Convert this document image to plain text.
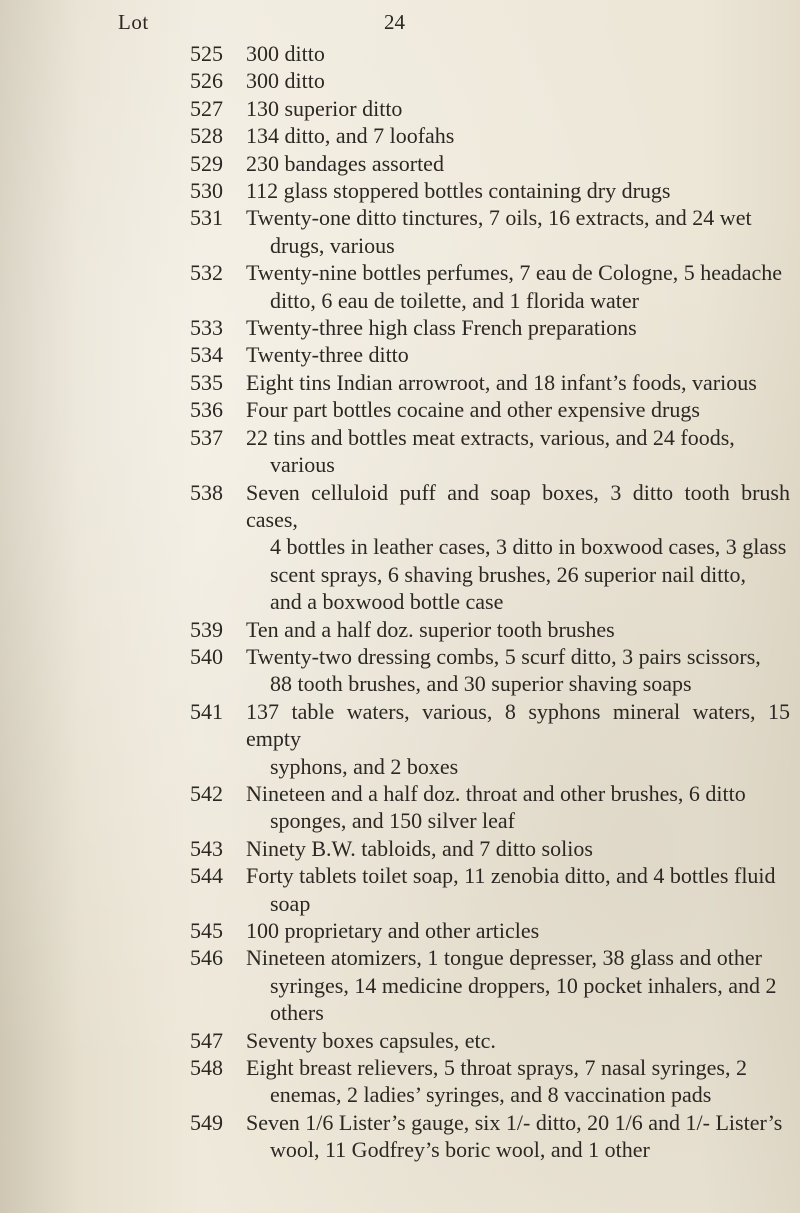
Lot	24
525 300 ditto
526 300 ditto
527 130 superior ditto
528 134 ditto, and 7 loofahs
529 230 bandages assorted
530 112 glass stoppered bottles containing dry drugs
531 Twenty-one ditto tinctures, 7 oils, 16 extracts, and 24 wet
drugs, various
532 Twenty-nine bottles perfumes, 7 eau de Cologne, 5 headache
ditto, 6 eau de toilette, and 1 florida water
533 Twenty-three high class French preparations
534 Twenty-three ditto
535 Eight tins Indian arrowroot, and 18 infant’s foods, various
536 Four part bottles cocaine and other expensive drugs
537 22 tins and bottles meat extracts, various, and 24 foods,
various
538 Seven celluloid puff and soap boxes, 3 ditto tooth brush cases,
4 bottles in leather cases, 3 ditto in boxwood cases, 3 glass
scent sprays, 6 shaving brushes, 26 superior nail ditto,
and a boxwood bottle case
539 Ten and a half doz. superior tooth brushes
540 Twenty-two dressing combs, 5 scurf ditto, 3 pairs scissors,
88 tooth brushes, and 30 superior shaving soaps
541 137 table waters, various, 8 syphons mineral waters, 15 empty
syphons, and 2 boxes
542 Nineteen and a half doz. throat and other brushes, 6 ditto
sponges, and 150 silver leaf
543 Ninety B.W. tabloids, and 7 ditto solios
544 Forty tablets toilet soap, 11 zenobia ditto, and 4 bottles fluid
soap
545 100 proprietary and other articles
546 Nineteen atomizers, 1 tongue depresser, 38 glass and other
syringes, 14 medicine droppers, 10 pocket inhalers, and 2
others
547 Seventy boxes capsules, etc.
548 Eight breast relievers, 5 throat sprays, 7 nasal syringes, 2
enemas, 2 ladies’ syringes, and 8 vaccination pads
549 Seven 1/6 Lister’s gauge, six 1/- ditto, 20 1/6 and 1/- Lister’s
wool, 11 Godfrey’s boric wool, and 1 other
